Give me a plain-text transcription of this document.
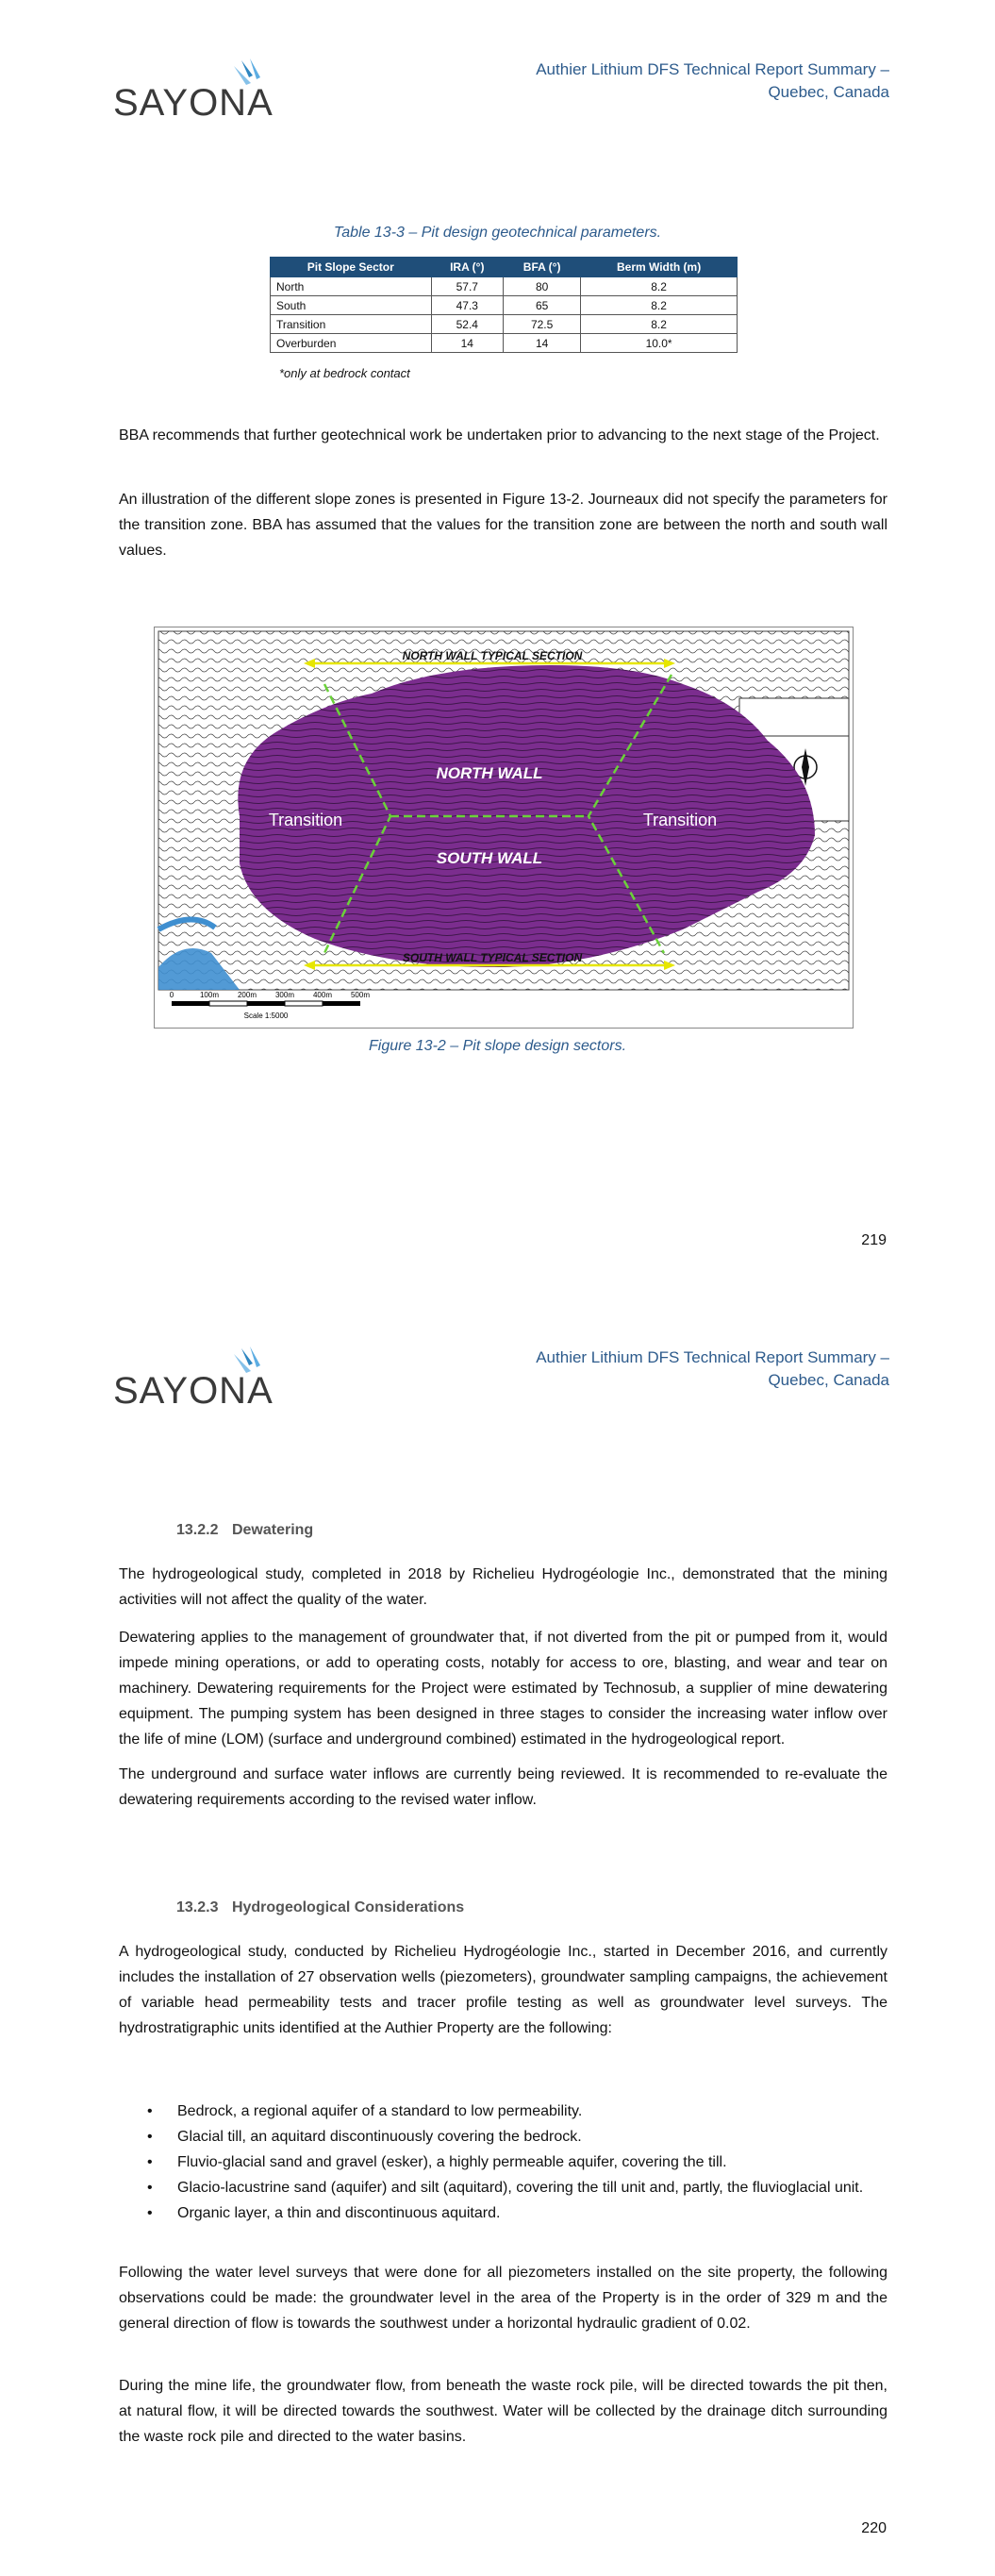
SAYONA
Authier Lithium DFS Technical Report Summary –
Quebec, Canada
Table 13-3 – Pit design geotechnical parameters.
Pit Slope Sector	IRA (°)	BFA (°)	Berm Width (m)
North	57.7	80	8.2
South	47.3	65	8.2
Transition	52.4	72.5	8.2
Overburden	14	14	10.0*
*only at bedrock contact

BBA recommends that further geotechnical work be undertaken prior to advancing to the next stage of the Project.

An illustration of the different slope zones is presented in Figure 13-2. Journeaux did not specify the parameters for the transition zone. BBA has assumed that the values for the transition zone are between the north and south wall values.

NORTH WALL TYPICAL SECTION
SOUTH WALL TYPICAL SECTION
NORTH WALL
SOUTH WALL
Transition	Transition
0	100m 200m 300m 400m 500m
Scale 1:5000
Figure 13-2 – Pit slope design sectors.
219
SAYONA
Authier Lithium DFS Technical Report Summary –
Quebec, Canada
13.2.2 Dewatering

The hydrogeological study, completed in 2018 by Richelieu Hydrogéologie Inc., demonstrated that the mining activities will not affect the quality of the water.

Dewatering applies to the management of groundwater that, if not diverted from the pit or pumped from it, would impede mining operations, or add to operating costs, notably for access to ore, blasting, and wear and tear on machinery. Dewatering requirements for the Project were estimated by Technosub, a supplier of mine dewatering equipment. The pumping system has been designed in three stages to consider the increasing water inflow over the life of mine (LOM) (surface and underground combined) estimated in the hydrogeological report.

The underground and surface water inflows are currently being reviewed. It is recommended to re-evaluate the dewatering requirements according to the revised water inflow.

13.2.3 Hydrogeological Considerations

A hydrogeological study, conducted by Richelieu Hydrogéologie Inc., started in December 2016, and currently includes the installation of 27 observation wells (piezometers), groundwater sampling campaigns, the achievement of variable head permeability tests and tracer profile testing as well as groundwater level surveys. The hydrostratigraphic units identified at the Authier Property are the following:

• Bedrock, a regional aquifer of a standard to low permeability.
• Glacial till, an aquitard discontinuously covering the bedrock.
• Fluvio-glacial sand and gravel (esker), a highly permeable aquifer, covering the till.
• Glacio-lacustrine sand (aquifer) and silt (aquitard), covering the till unit and, partly, the fluvioglacial unit.
• Organic layer, a thin and discontinuous aquitard.

Following the water level surveys that were done for all piezometers installed on the site property, the following observations could be made: the groundwater level in the area of the Property is in the order of 329 m and the general direction of flow is towards the southwest under a horizontal hydraulic gradient of 0.02.

During the mine life, the groundwater flow, from beneath the waste rock pile, will be directed towards the pit then, at natural flow, it will be directed towards the southwest. Water will be collected by the drainage ditch surrounding the waste rock pile and directed to the water basins.

220
